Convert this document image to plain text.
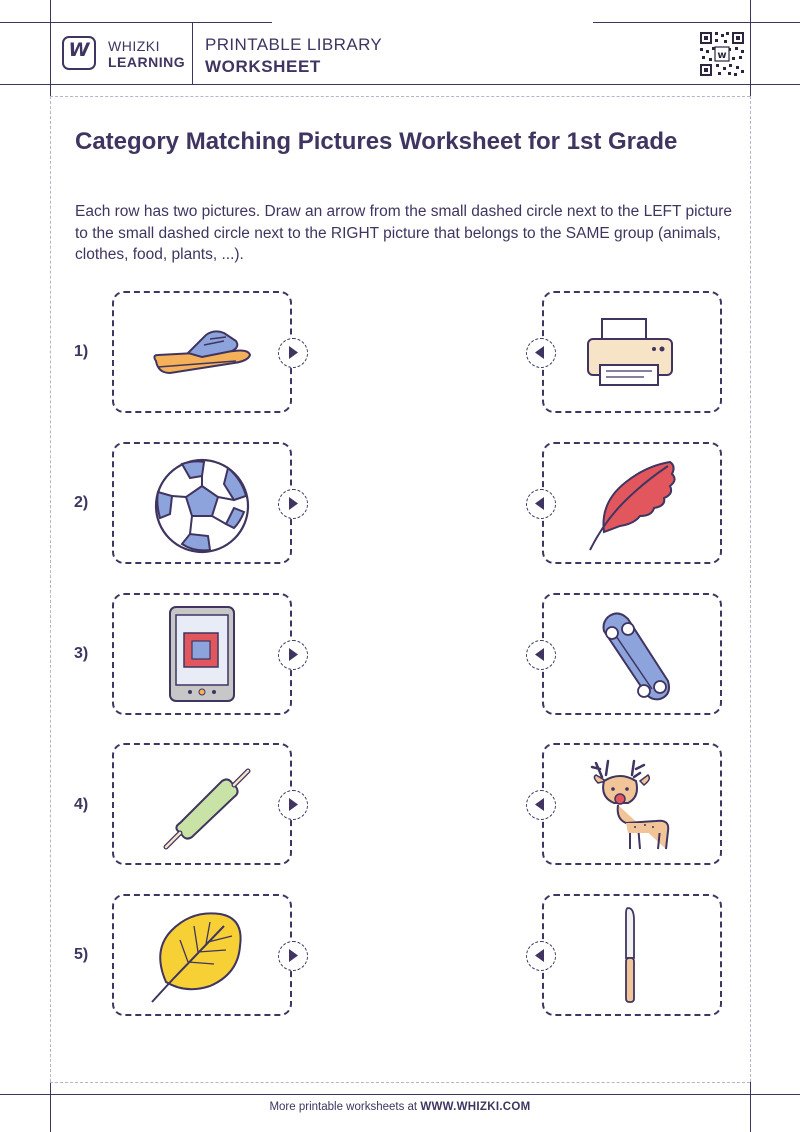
W	WHIZKI
LEARNING
PRINTABLE LIBRARY
WORKSHEET
w
Category Matching Pictures Worksheet for 1st Grade
Each row has two pictures. Draw an arrow from the small dashed circle next to the LEFT picture to the small dashed circle next to the RIGHT picture that belongs to the SAME group (animals, clothes, food, plants, ...).
1)
2)
3)
4)
5)
More printable worksheets at WWW.WHIZKI.COM
